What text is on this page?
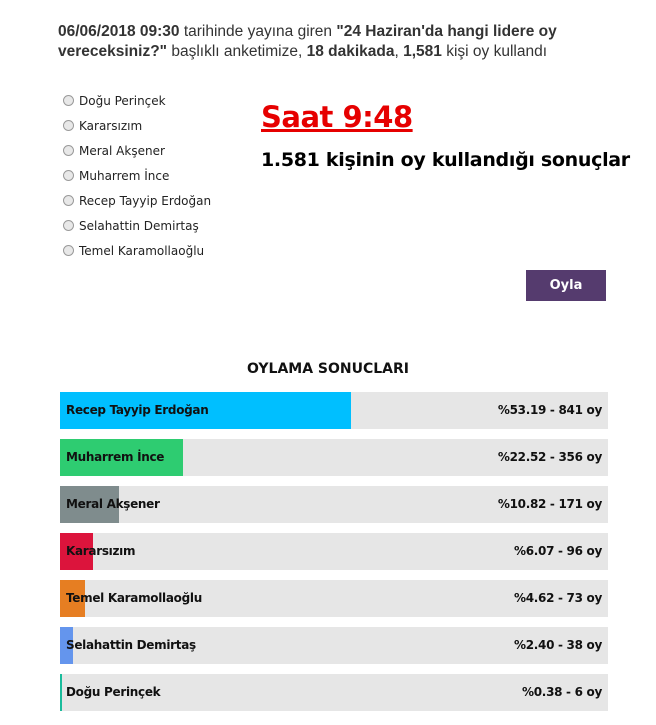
06/06/2018 09:30 tarihinde yayına giren "24 Haziran'da hangi lidere oy vereceksiniz?" başlıklı anketimize, 18 dakikada, 1,581 kişi oy kullandı
Doğu Perinçek
Kararsızım
Meral Akşener
Muharrem İnce
Recep Tayyip Erdoğan
Selahattin Demirtaş
Temel Karamollaoğlu
Saat 9:48
1.581 kişinin oy kullandığı sonuçlar
Oyla
OYLAMA SONUCLARI
Recep Tayyip Erdoğan	%53.19 - 841 oy
Muharrem İnce	%22.52 - 356 oy
Meral Akşener	%10.82 - 171 oy
Kararsızım	%6.07 - 96 oy
Temel Karamollaoğlu	%4.62 - 73 oy
Selahattin Demirtaş	%2.40 - 38 oy
Doğu Perinçek	%0.38 - 6 oy
